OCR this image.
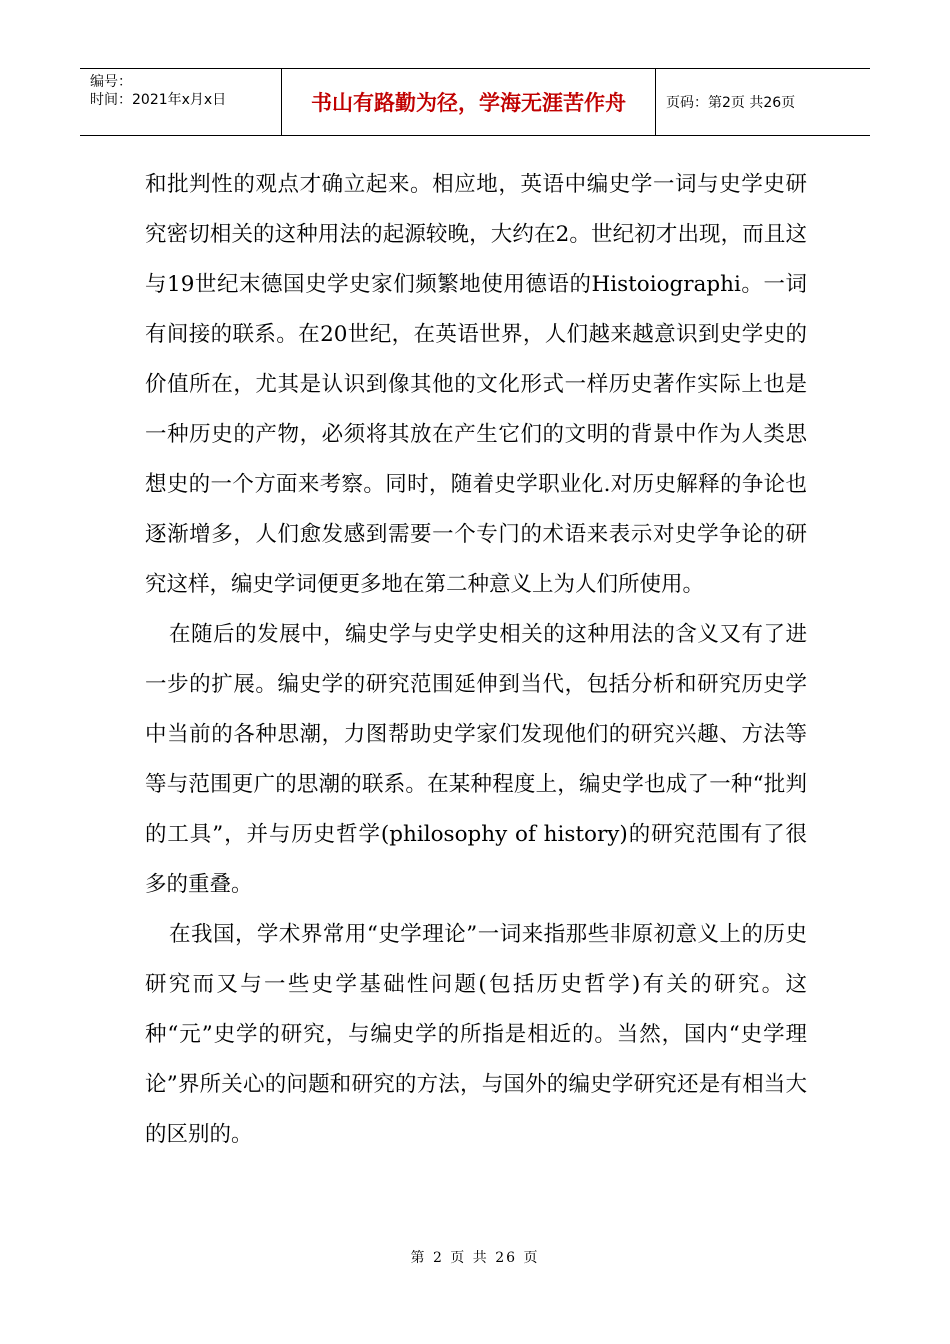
编号：
时间：2021年x月x日	书山有路勤为径，学海无涯苦作舟	页码：第2页 共26页

和批判性的观点才确立起来。相应地，英语中编史学一词与史学史研究密切相关的这种用法的起源较晚，大约在2。世纪初才出现，而且这与19世纪末德国史学史家们频繁地使用德语的Histoiographi。一词有间接的联系。在20世纪，在英语世界，人们越来越意识到史学史的价值所在，尤其是认识到像其他的文化形式一样历史著作实际上也是一种历史的产物，必须将其放在产生它们的文明的背景中作为人类思想史的一个方面来考察。同时，随着史学职业化.对历史解释的争论也逐渐增多，人们愈发感到需要一个专门的术语来表示对史学争论的研究这样，编史学词便更多地在第二种意义上为人们所使用。

在随后的发展中，编史学与史学史相关的这种用法的含义又有了进一步的扩展。编史学的研究范围延伸到当代，包括分析和研究历史学中当前的各种思潮，力图帮助史学家们发现他们的研究兴趣、方法等等与范围更广的思潮的联系。在某种程度上，编史学也成了一种“批判的工具”，并与历史哲学(philosophy of history)的研究范围有了很多的重叠。

在我国，学术界常用“史学理论”一词来指那些非原初意义上的历史研究而又与一些史学基础性问题(包括历史哲学)有关的研究。这种“元”史学的研究，与编史学的所指是相近的。当然，国内“史学理论”界所关心的问题和研究的方法，与国外的编史学研究还是有相当大的区别的。

第 2 页 共 26 页
